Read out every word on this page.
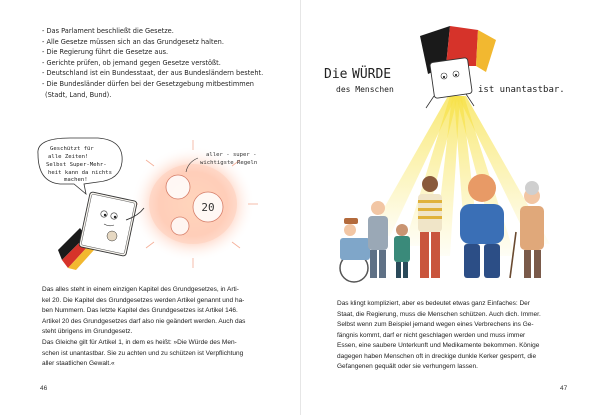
- Das Parlament beschließt die Gesetze.
- Alle Gesetze müssen sich an das Grundgesetz halten.
- Die Regierung führt die Gesetze aus.
- Gerichte prüfen, ob jemand gegen Gesetze verstößt.
- Deutschland ist ein Bundesstaat, der aus Bundesländern besteht.
- Die Bundesländer dürfen bei der Gesetzgebung mitbestimmen
(Stadt, Land, Bund).
20
aller - super -
wichtigste Regeln
Geschützt für
alle Zeiten!
Selbst Super-Mehr-
heit kann da nichts
machen!
Das alles steht in einem einzigen Kapitel des Grundgesetzes, in Arti-
kel 20. Die Kapitel des Grundgesetzes werden Artikel genannt und ha-
ben Nummern. Das letzte Kapitel des Grundgesetzes ist Artikel 146.
Artikel 20 des Grundgesetzes darf also nie geändert werden. Auch das
steht übrigens im Grundgesetz.
Das Gleiche gilt für Artikel 1, in dem es heißt: »Die Würde des Men-
schen ist unantastbar. Sie zu achten und zu schützen ist Verpflichtung
aller staatlichen Gewalt.«
46
Die WÜRDE
des Menschen	ist unantastbar.
Das klingt kompliziert, aber es bedeutet etwas ganz Einfaches: Der
Staat, die Regierung, muss die Menschen schützen. Auch dich. Immer.
Selbst wenn zum Beispiel jemand wegen eines Verbrechens ins Ge-
fängnis kommt, darf er nicht geschlagen werden und muss immer
Essen, eine saubere Unterkunft und Medikamente bekommen. Könige
dagegen haben Menschen oft in dreckige dunkle Kerker gesperrt, die
Gefangenen gequält oder sie verhungern lassen.
47
